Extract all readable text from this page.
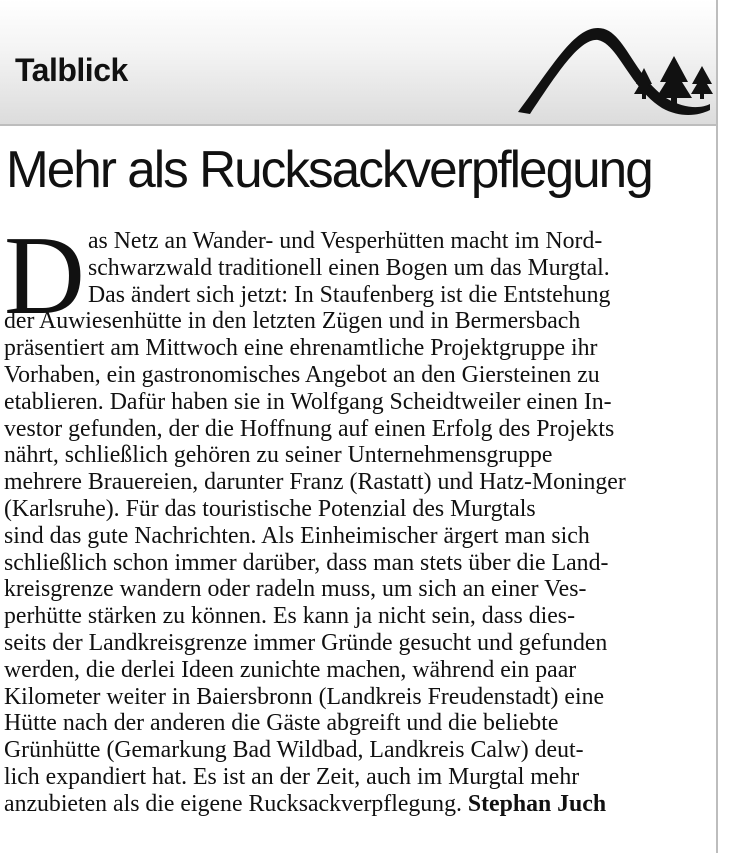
Talblick
Mehr als Rucksackverpflegung
D as Netz an Wander- und Vesperhütten macht im Nord-
schwarzwald traditionell einen Bogen um das Murgtal.
Das ändert sich jetzt: In Staufenberg ist die Entstehung
der Auwiesenhütte in den letzten Zügen und in Bermersbach
präsentiert am Mittwoch eine ehrenamtliche Projektgruppe ihr
Vorhaben, ein gastronomisches Angebot an den Giersteinen zu
etablieren. Dafür haben sie in Wolfgang Scheidtweiler einen In-
vestor gefunden, der die Hoffnung auf einen Erfolg des Projekts
nährt, schließlich gehören zu seiner Unternehmensgruppe
mehrere Brauereien, darunter Franz (Rastatt) und Hatz-Moninger
(Karlsruhe). Für das touristische Potenzial des Murgtals
sind das gute Nachrichten. Als Einheimischer ärgert man sich
schließlich schon immer darüber, dass man stets über die Land-
kreisgrenze wandern oder radeln muss, um sich an einer Ves-
perhütte stärken zu können. Es kann ja nicht sein, dass dies-
seits der Landkreisgrenze immer Gründe gesucht und gefunden
werden, die derlei Ideen zunichte machen, während ein paar
Kilometer weiter in Baiersbronn (Landkreis Freudenstadt) eine
Hütte nach der anderen die Gäste abgreift und die beliebte
Grünhütte (Gemarkung Bad Wildbad, Landkreis Calw) deut-
lich expandiert hat. Es ist an der Zeit, auch im Murgtal mehr
anzubieten als die eigene Rucksackverpflegung. Stephan Juch
